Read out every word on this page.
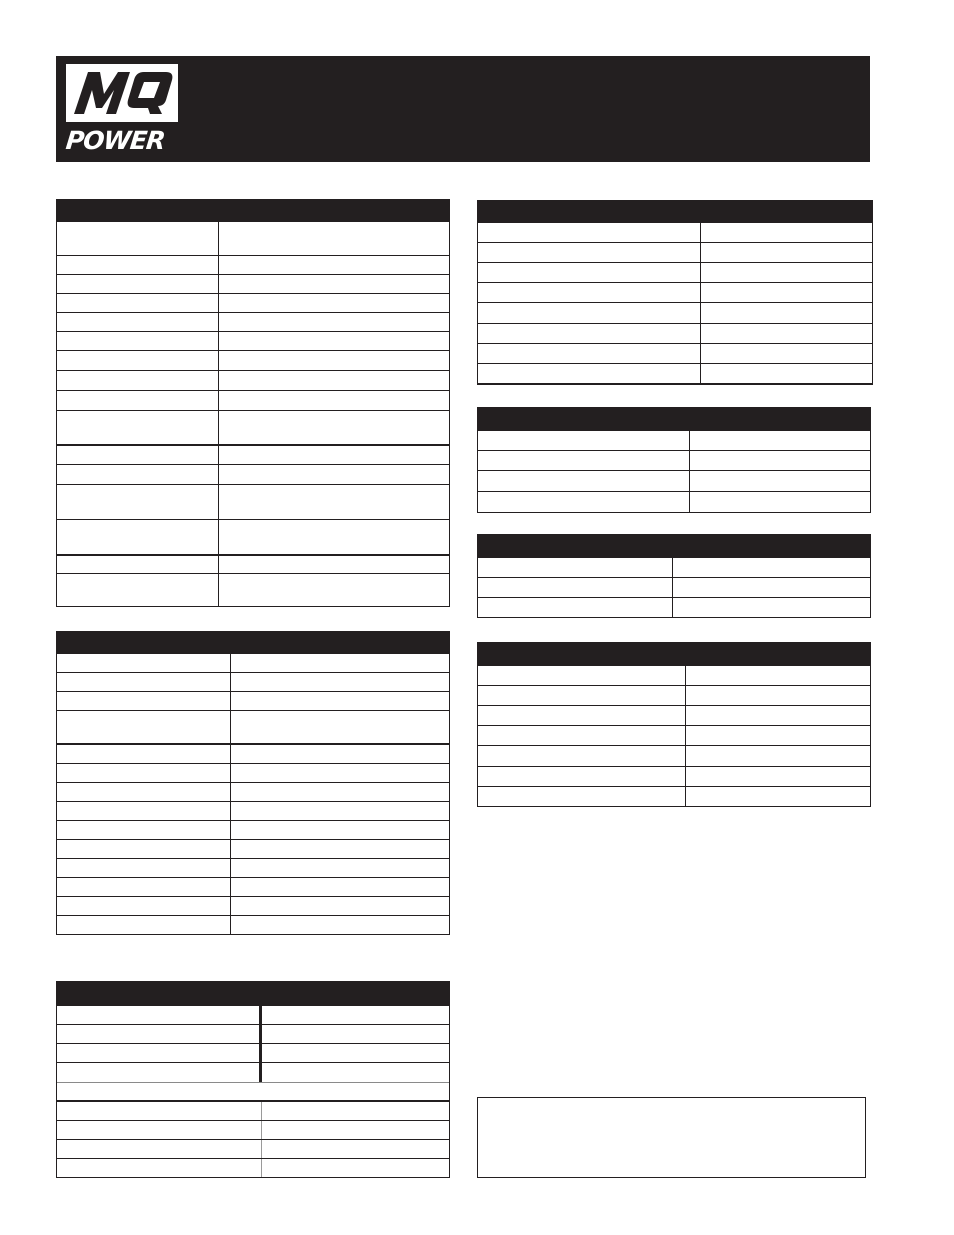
POWER
